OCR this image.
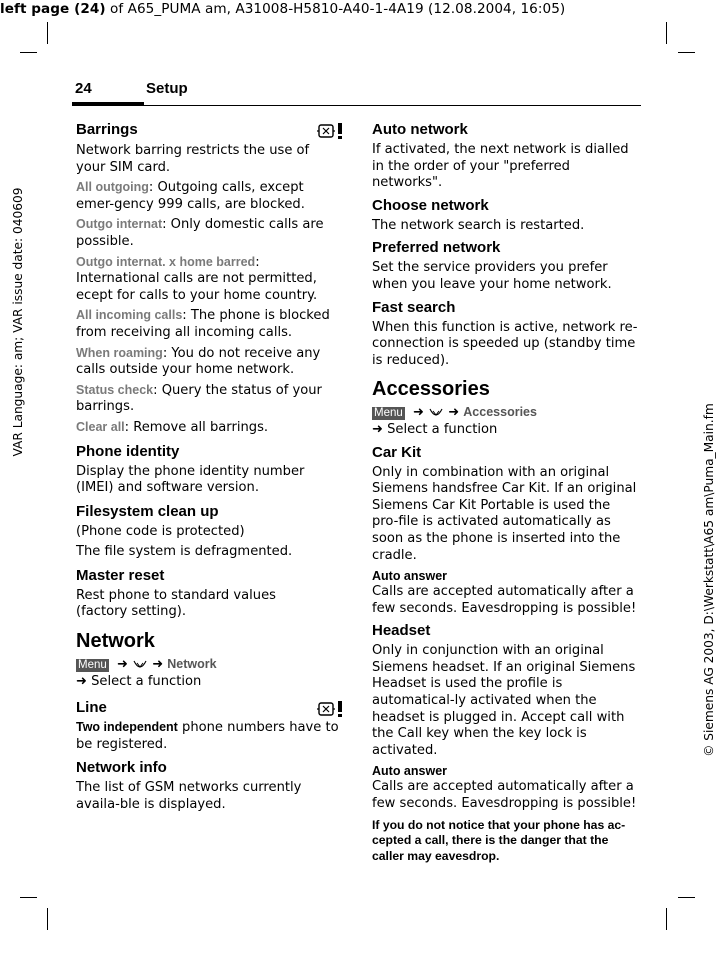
left page (24) of A65_PUMA am, A31008-H5810-A40-1-4A19 (12.08.2004, 16:05)
VAR Language: am; VAR issue date: 040609
© Siemens AG 2003, D:\Werkstatt\A65 am\Puma_Main.fm
24	Setup
Barrings

Network barring restricts the use of your SIM card.

All outgoing: Outgoing calls, except emer-gency 999 calls, are blocked.

Outgo internat: Only domestic calls are possible.

Outgo internat. x home barred: International calls are not permitted, ecept for calls to your home country.

All incoming calls: The phone is blocked from receiving all incoming calls.

When roaming: You do not receive any calls outside your home network.

Status check: Query the status of your barrings.

Clear all: Remove all barrings.

Phone identity

Display the phone identity number (IMEI) and software version.

Filesystem clean up

(Phone code is protected)

The file system is defragmented.

Master reset

Rest phone to standard values

(factory setting).

Network

Menu ➜ ➜ Network

➜ Select a function

Line

Two independent phone numbers have to be registered.

Network info

The list of GSM networks currently availa-ble is displayed.

Auto network

If activated, the next network is dialled in the order of your "preferred networks".

Choose network

The network search is restarted.

Preferred network

Set the service providers you prefer when you leave your home network.

Fast search

When this function is active, network re-connection is speeded up (standby time is reduced).

Accessories

Menu ➜ ➜ Accessories

➜ Select a function

Car Kit

Only in combination with an original Siemens handsfree Car Kit. If an original Siemens Car Kit Portable is used the pro-file is activated automatically as soon as the phone is inserted into the cradle.

Auto answer

Calls are accepted automatically after a few seconds. Eavesdropping is possible!

Headset

Only in conjunction with an original Siemens headset. If an original Siemens Headset is used the profile is automatical-ly activated when the headset is plugged in. Accept call with the Call key when the key lock is activated.

Auto answer

Calls are accepted automatically after a few seconds. Eavesdropping is possible!

If you do not notice that your phone has ac-cepted a call, there is the danger that the caller may eavesdrop.
